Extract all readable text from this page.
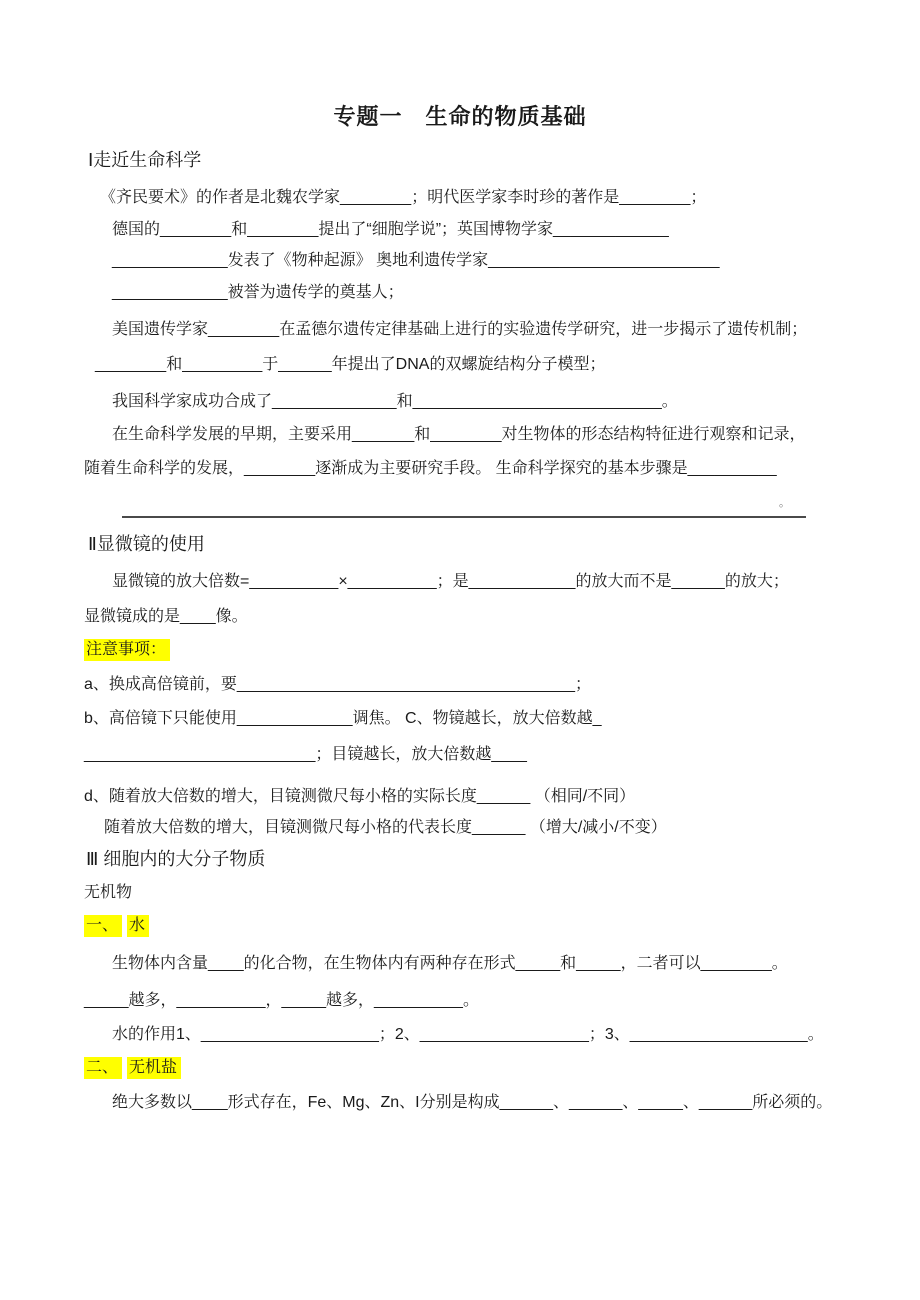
专题一　生命的物质基础
Ⅰ走近生命科学
《齐民要术》的作者是北魏农学家________；明代医学家李时珍的著作是________；
德国的________和________提出了“细胞学说”；英国博物学家_____________
_____________发表了《物种起源》 奥地利遗传学家__________________________
_____________被誉为遗传学的奠基人；
美国遗传学家________在孟德尔遗传定律基础上进行的实验遗传学研究，进一步揭示了遗传机制；
________和_________于______年提出了DNA的双螺旋结构分子模型；
我国科学家成功合成了______________和____________________________。
在生命科学发展的早期，主要采用_______和________对生物体的形态结构特征进行观察和记录，
随着生命科学的发展，________逐渐成为主要研究手段。 生命科学探究的基本步骤是__________
。
Ⅱ显微镜的使用
显微镜的放大倍数=__________×__________；是____________的放大而不是______的放大；
显微镜成的是____像。
注意事项：
a、换成高倍镜前，要______________________________________；
b、高倍镜下只能使用_____________调焦。 C、物镜越长，放大倍数越_
__________________________；目镜越长，放大倍数越____
d、随着放大倍数的增大，目镜测微尺每小格的实际长度______ （相同/不同）
随着放大倍数的增大，目镜测微尺每小格的代表长度______ （增大/减小/不变）
Ⅲ 细胞内的大分子物质
无机物
一、 水
生物体内含量____的化合物，在生物体内有两种存在形式_____和_____，二者可以________。
_____越多，__________，_____越多，__________。
水的作用1、____________________；2、___________________；3、____________________。
二、 无机盐
绝大多数以____形式存在，Fe、Mg、Zn、I分别是构成______、______、_____、______所必须的。
